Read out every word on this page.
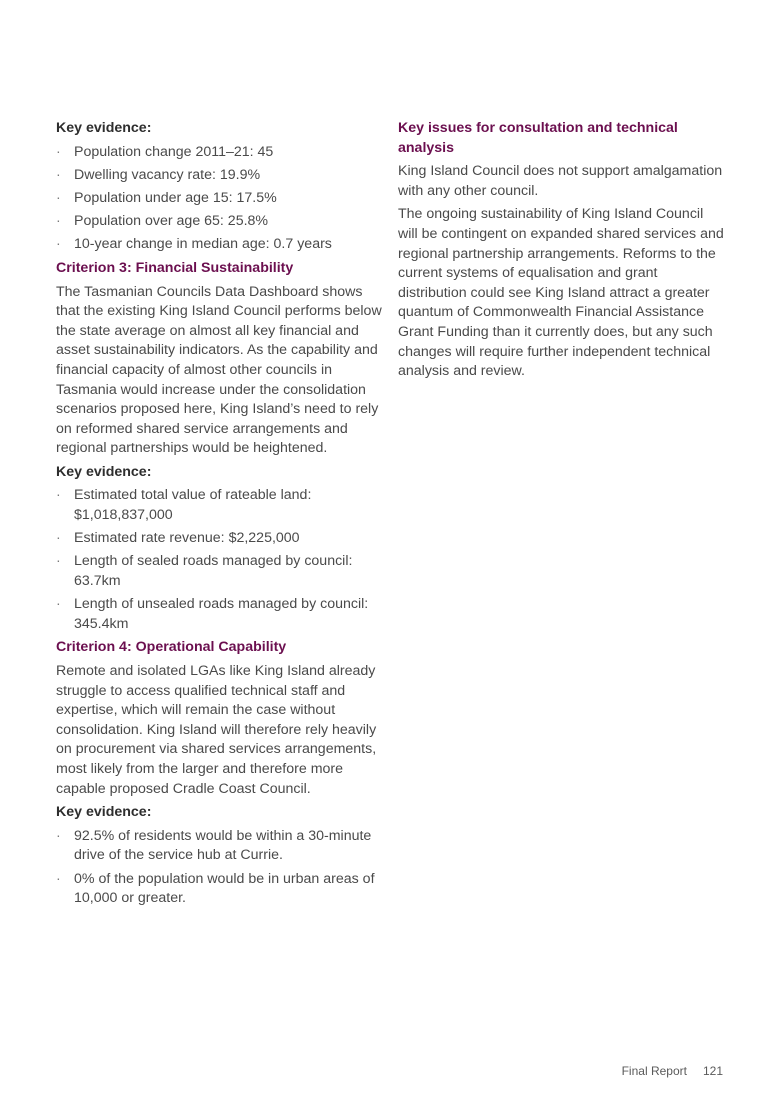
Key evidence:
· Population change 2011–21: 45
· Dwelling vacancy rate: 19.9%
· Population under age 15: 17.5%
· Population over age 65: 25.8%
· 10-year change in median age: 0.7 years
Criterion 3: Financial Sustainability

The Tasmanian Councils Data Dashboard shows that the existing King Island Council performs below the state average on almost all key financial and asset sustainability indicators. As the capability and financial capacity of almost other councils in Tasmania would increase under the consolidation scenarios proposed here, King Island’s need to rely on reformed shared service arrangements and regional partnerships would be heightened.

Key evidence:
· Estimated total value of rateable land: $1,018,837,000
· Estimated rate revenue: $2,225,000
· Length of sealed roads managed by council: 63.7km
· Length of unsealed roads managed by council: 345.4km
Criterion 4: Operational Capability

Remote and isolated LGAs like King Island already struggle to access qualified technical staff and expertise, which will remain the case without consolidation. King Island will therefore rely heavily on procurement via shared services arrangements, most likely from the larger and therefore more capable proposed Cradle Coast Council.

Key evidence:
· 92.5% of residents would be within a 30-minute drive of the service hub at Currie.
· 0% of the population would be in urban areas of 10,000 or greater.
Key issues for consultation and technical analysis

King Island Council does not support amalgamation with any other council.

The ongoing sustainability of King Island Council will be contingent on expanded shared services and regional partnership arrangements. Reforms to the current systems of equalisation and grant distribution could see King Island attract a greater quantum of Commonwealth Financial Assistance Grant Funding than it currently does, but any such changes will require further independent technical analysis and review.

Final Report 121
